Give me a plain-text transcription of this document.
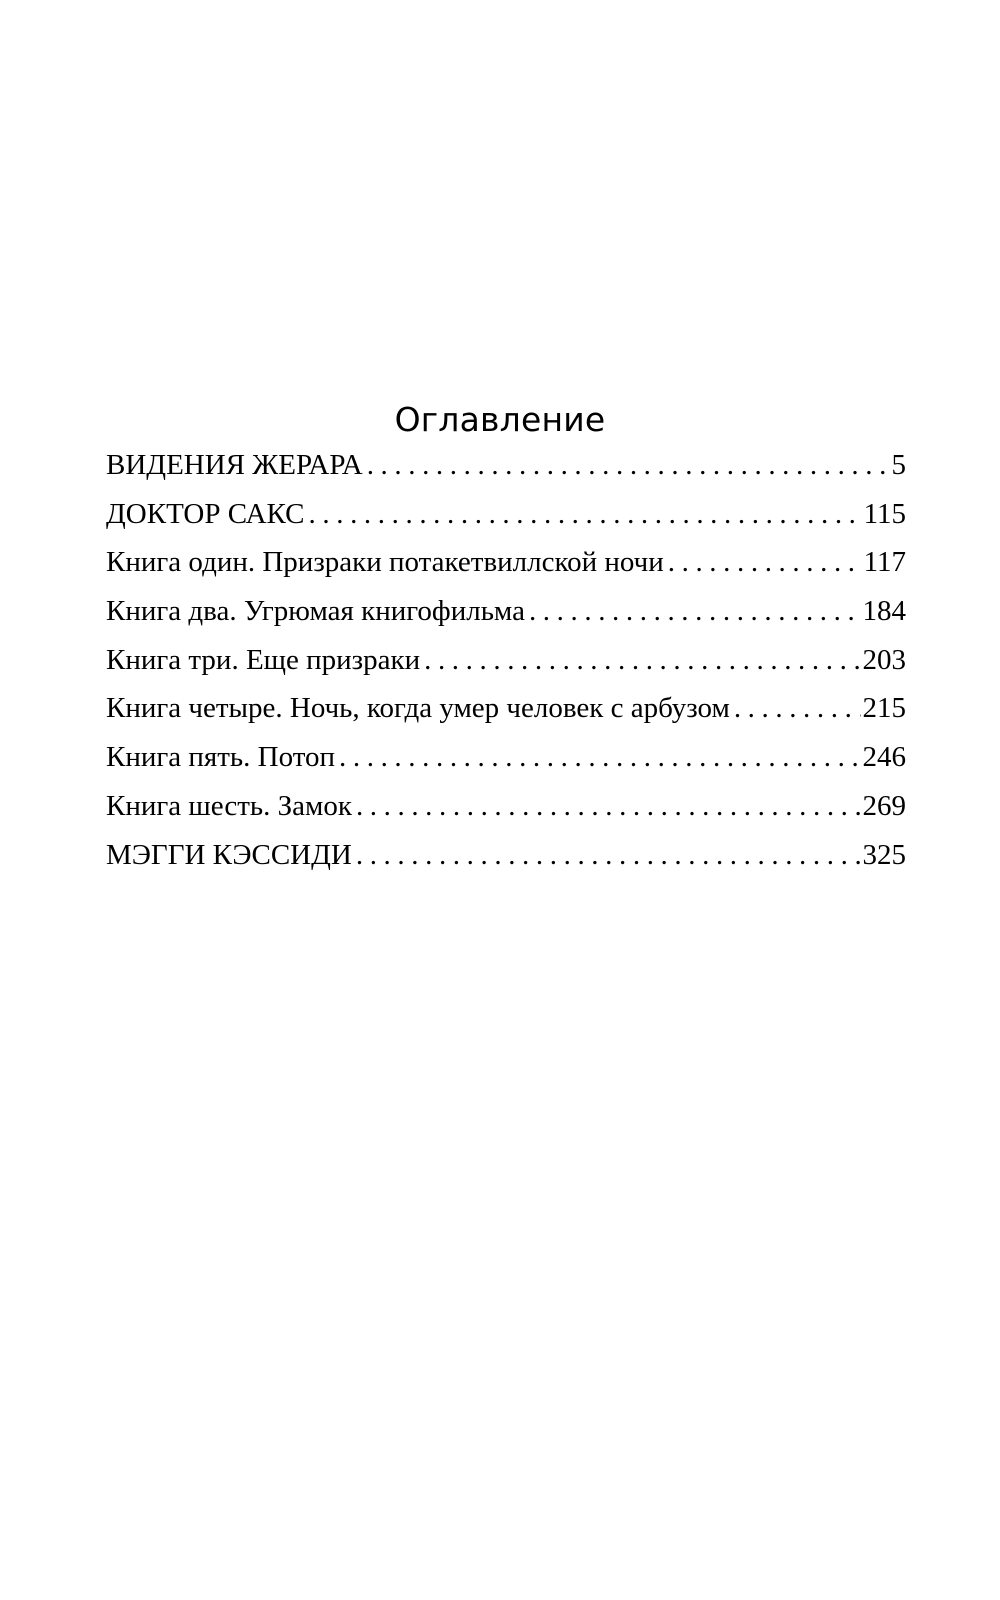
Оглавление
ВИДЕНИЯ ЖЕРАРА .....	5
ДОКТОР САКС .....	115
Книга один. Призраки потакетвиллской ночи .....	117
Книга два. Угрюмая книгофильма .....	184
Книга три. Еще призраки .....	203
Книга четыре. Ночь, когда умер человек с арбузом .....	215
Книга пять. Потоп .....	246
Книга шесть. Замок .....	269
МЭГГИ КЭССИДИ .....	325
